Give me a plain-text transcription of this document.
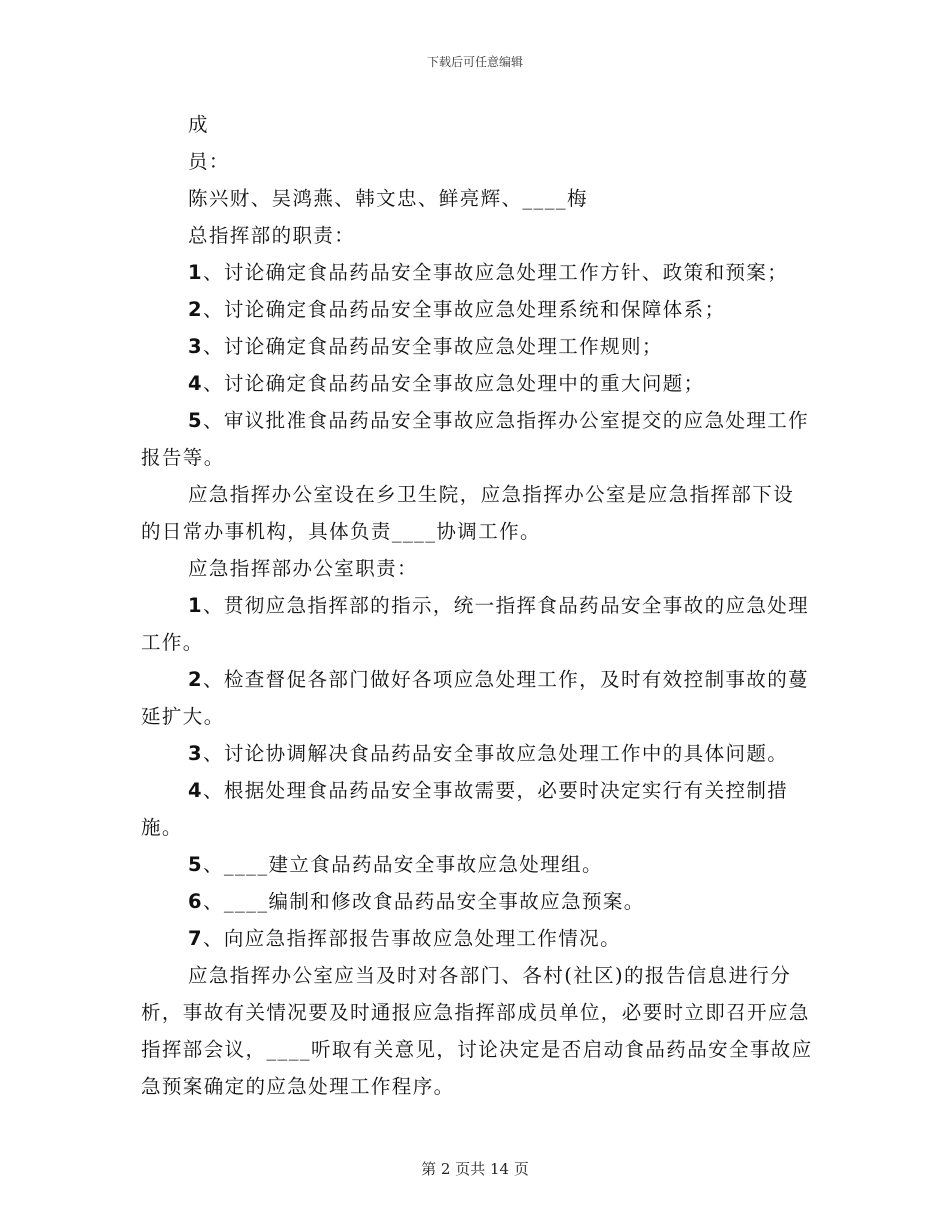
下载后可任意编辑

成

员：

陈兴财、吴鸿燕、韩文忠、鲜亮辉、____梅

总指挥部的职责：

1、讨论确定食品药品安全事故应急处理工作方针、政策和预案；

2、讨论确定食品药品安全事故应急处理系统和保障体系；

3、讨论确定食品药品安全事故应急处理工作规则；

4、讨论确定食品药品安全事故应急处理中的重大问题；

5、审议批准食品药品安全事故应急指挥办公室提交的应急处理工作报告等。

应急指挥办公室设在乡卫生院，应急指挥办公室是应急指挥部下设的日常办事机构，具体负责____协调工作。

应急指挥部办公室职责：

1、贯彻应急指挥部的指示，统一指挥食品药品安全事故的应急处理工作。

2、检查督促各部门做好各项应急处理工作，及时有效控制事故的蔓延扩大。

3、讨论协调解决食品药品安全事故应急处理工作中的具体问题。

4、根据处理食品药品安全事故需要，必要时决定实行有关控制措施。

5、____建立食品药品安全事故应急处理组。

6、____编制和修改食品药品安全事故应急预案。

7、向应急指挥部报告事故应急处理工作情况。

应急指挥办公室应当及时对各部门、各村(社区)的报告信息进行分析，事故有关情况要及时通报应急指挥部成员单位，必要时立即召开应急指挥部会议，____听取有关意见，讨论决定是否启动食品药品安全事故应急预案确定的应急处理工作程序。

第 2 页共 14 页
